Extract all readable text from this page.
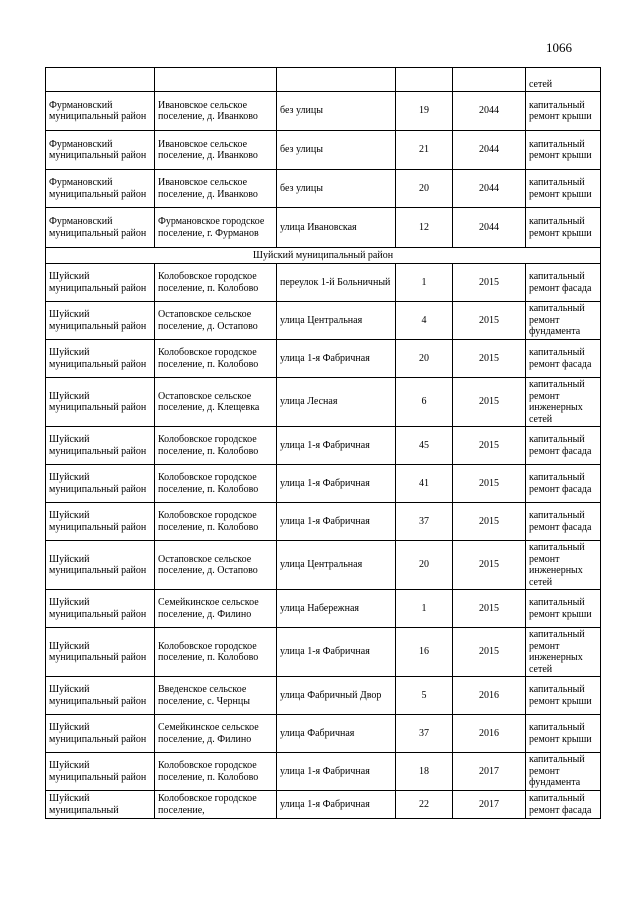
1066
					сетей
Фурмановский муниципальный район	Ивановское сельское поселение, д. Иванково	без улицы	19	2044	капитальный ремонт крыши
Фурмановский муниципальный район	Ивановское сельское поселение, д. Иванково	без улицы	21	2044	капитальный ремонт крыши
Фурмановский муниципальный район	Ивановское сельское поселение, д. Иванково	без улицы	20	2044	капитальный ремонт крыши
Фурмановский муниципальный район	Фурмановское городское поселение, г. Фурманов	улица Ивановская	12	2044	капитальный ремонт крыши
Шуйский муниципальный район					
Шуйский муниципальный район	Колобовское городское поселение, п. Колобово	переулок 1-й Больничный	1	2015	капитальный ремонт фасада
Шуйский муниципальный район	Остаповское сельское поселение, д. Остапово	улица Центральная	4	2015	капитальный ремонт фундамента
Шуйский муниципальный район	Колобовское городское поселение, п. Колобово	улица 1-я Фабричная	20	2015	капитальный ремонт фасада
Шуйский муниципальный район	Остаповское сельское поселение, д. Клещевка	улица Лесная	6	2015	капитальный ремонт инженерных сетей
Шуйский муниципальный район	Колобовское городское поселение, п. Колобово	улица 1-я Фабричная	45	2015	капитальный ремонт фасада
Шуйский муниципальный район	Колобовское городское поселение, п. Колобово	улица 1-я Фабричная	41	2015	капитальный ремонт фасада
Шуйский муниципальный район	Колобовское городское поселение, п. Колобово	улица 1-я Фабричная	37	2015	капитальный ремонт фасада
Шуйский муниципальный район	Остаповское сельское поселение, д. Остапово	улица Центральная	20	2015	капитальный ремонт инженерных сетей
Шуйский муниципальный район	Семейкинское сельское поселение, д. Филино	улица Набережная	1	2015	капитальный ремонт крыши
Шуйский муниципальный район	Колобовское городское поселение, п. Колобово	улица 1-я Фабричная	16	2015	капитальный ремонт инженерных сетей
Шуйский муниципальный район	Введенское сельское поселение, с. Чернцы	улица Фабричный Двор	5	2016	капитальный ремонт крыши
Шуйский муниципальный район	Семейкинское сельское поселение, д. Филино	улица Фабричная	37	2016	капитальный ремонт крыши
Шуйский муниципальный район	Колобовское городское поселение, п. Колобово	улица 1-я Фабричная	18	2017	капитальный ремонт фундамента
Шуйский муниципальный	Колобовское городское поселение,	улица 1-я Фабричная	22	2017	капитальный ремонт фасада
